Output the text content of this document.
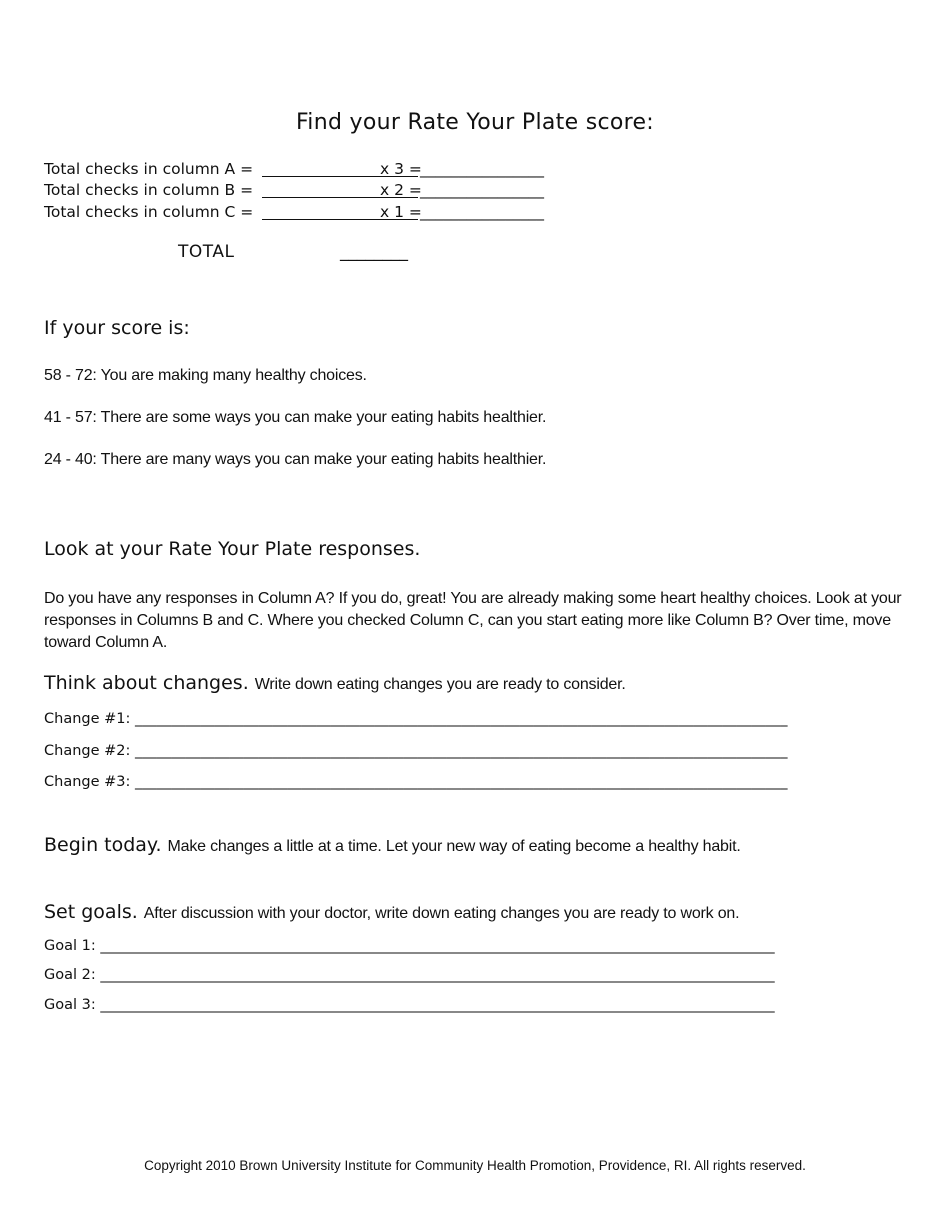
Find your Rate Your Plate score:
Total checks in column A =	x 3 =________________
Total checks in column B =	x 2 =________________
Total checks in column C =	x 1 =________________
TOTAL	________
If your score is:
58 - 72: You are making many healthy choices.
41 - 57: There are some ways you can make your eating habits healthier.
24 - 40: There are many ways you can make your eating habits healthier.
Look at your Rate Your Plate responses.

Do you have any responses in Column A? If you do, great! You are already making some heart healthy choices. Look at your responses in Columns B and C. Where you checked Column C, can you start eating more like Column B? Over time, move toward Column A.

Think about changes. Write down eating changes you are ready to consider.
Change #1: __________________________________________________________________________________________
Change #2: __________________________________________________________________________________________
Change #3: __________________________________________________________________________________________
Begin today. Make changes a little at a time. Let your new way of eating become a healthy habit.
Set goals. After discussion with your doctor, write down eating changes you are ready to work on.
Goal 1: _____________________________________________________________________________________________
Goal 2: _____________________________________________________________________________________________
Goal 3: _____________________________________________________________________________________________
Copyright 2010 Brown University Institute for Community Health Promotion, Providence, RI. All rights reserved.
